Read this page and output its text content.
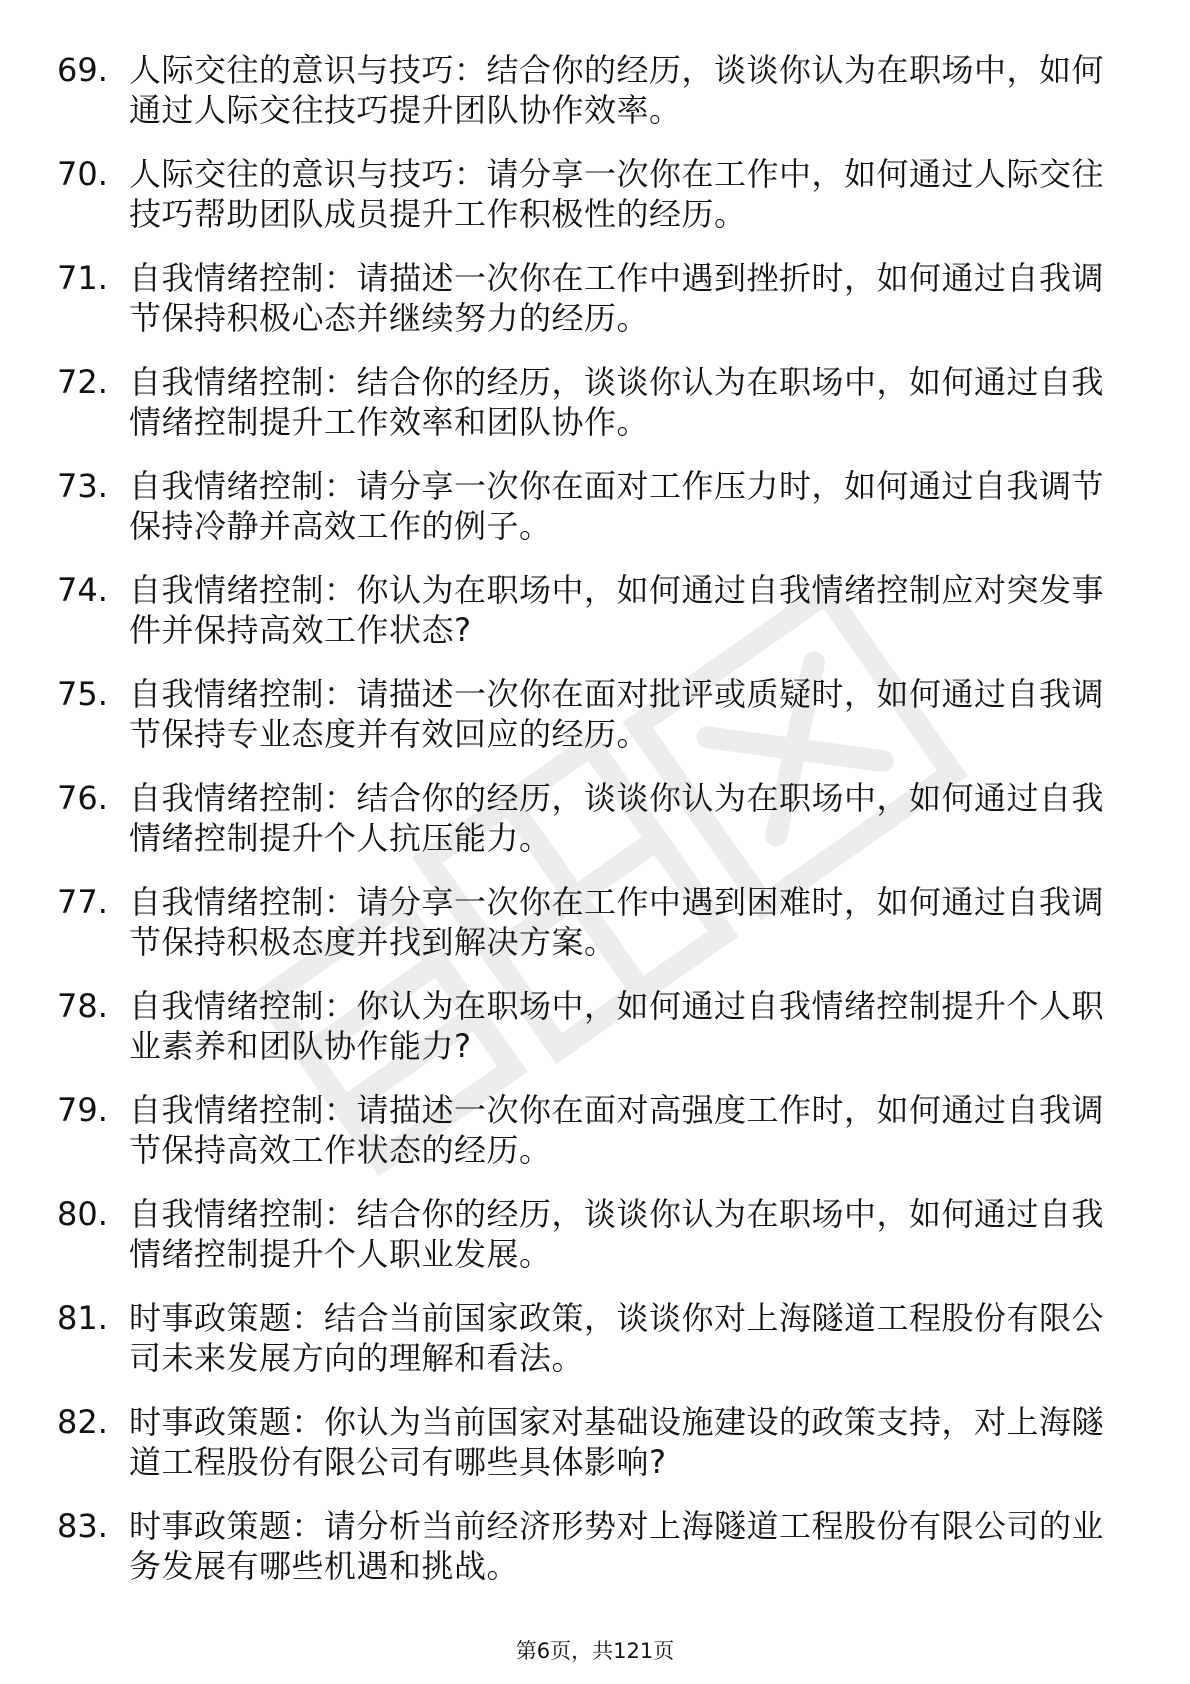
69. 人际交往的意识与技巧：结合你的经历，谈谈你认为在职场中，如何通过人际交往技巧提升团队协作效率。
70. 人际交往的意识与技巧：请分享一次你在工作中，如何通过人际交往技巧帮助团队成员提升工作积极性的经历。
71. 自我情绪控制：请描述一次你在工作中遇到挫折时，如何通过自我调节保持积极心态并继续努力的经历。
72. 自我情绪控制：结合你的经历，谈谈你认为在职场中，如何通过自我情绪控制提升工作效率和团队协作。
73. 自我情绪控制：请分享一次你在面对工作压力时，如何通过自我调节保持冷静并高效工作的例子。
74. 自我情绪控制：你认为在职场中，如何通过自我情绪控制应对突发事件并保持高效工作状态?
75. 自我情绪控制：请描述一次你在面对批评或质疑时，如何通过自我调节保持专业态度并有效回应的经历。
76. 自我情绪控制：结合你的经历，谈谈你认为在职场中，如何通过自我情绪控制提升个人抗压能力。
77. 自我情绪控制：请分享一次你在工作中遇到困难时，如何通过自我调节保持积极态度并找到解决方案。
78. 自我情绪控制：你认为在职场中，如何通过自我情绪控制提升个人职业素养和团队协作能力?
79. 自我情绪控制：请描述一次你在面对高强度工作时，如何通过自我调节保持高效工作状态的经历。
80. 自我情绪控制：结合你的经历，谈谈你认为在职场中，如何通过自我情绪控制提升个人职业发展。
81. 时事政策题：结合当前国家政策，谈谈你对上海隧道工程股份有限公司未来发展方向的理解和看法。
82. 时事政策题：你认为当前国家对基础设施建设的政策支持，对上海隧道工程股份有限公司有哪些具体影响?
83. 时事政策题：请分析当前经济形势对上海隧道工程股份有限公司的业务发展有哪些机遇和挑战。
第6页，共121页
